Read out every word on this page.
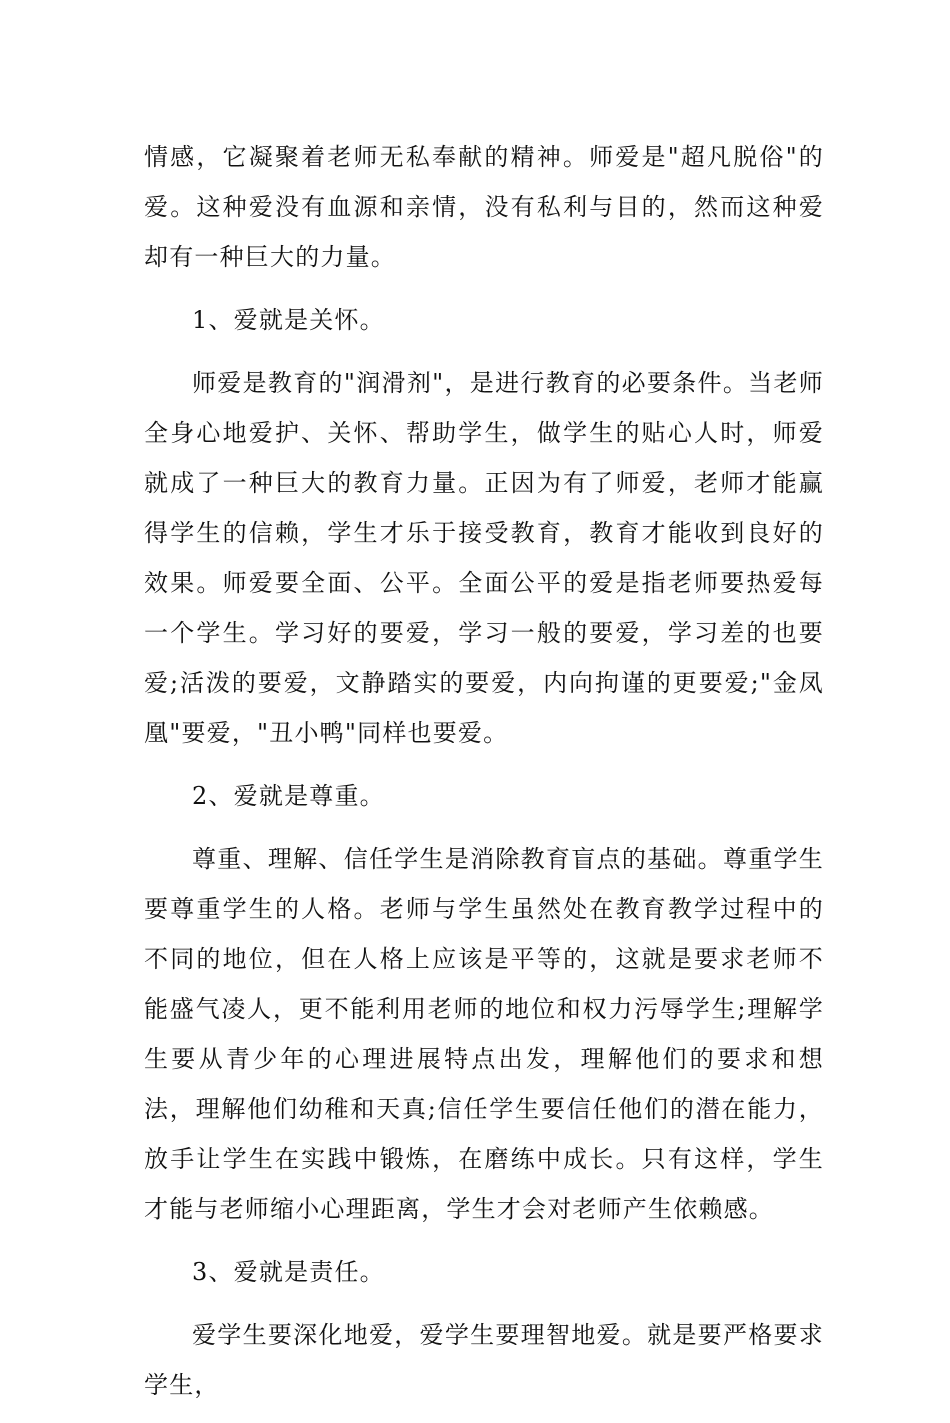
情感，它凝聚着老师无私奉献的精神。师爱是"超凡脱俗"的爱。这种爱没有血源和亲情，没有私利与目的，然而这种爱却有一种巨大的力量。

1、爱就是关怀。

师爱是教育的"润滑剂"，是进行教育的必要条件。当老师全身心地爱护、关怀、帮助学生，做学生的贴心人时，师爱就成了一种巨大的教育力量。正因为有了师爱，老师才能赢得学生的信赖，学生才乐于接受教育，教育才能收到良好的效果。师爱要全面、公平。全面公平的爱是指老师要热爱每一个学生。学习好的要爱，学习一般的要爱，学习差的也要爱;活泼的要爱，文静踏实的要爱，内向拘谨的更要爱;"金凤凰"要爱，"丑小鸭"同样也要爱。

2、爱就是尊重。

尊重、理解、信任学生是消除教育盲点的基础。尊重学生要尊重学生的人格。老师与学生虽然处在教育教学过程中的不同的地位，但在人格上应该是平等的，这就是要求老师不能盛气凌人，更不能利用老师的地位和权力污辱学生;理解学生要从青少年的心理进展特点出发，理解他们的要求和想法，理解他们幼稚和天真;信任学生要信任他们的潜在能力，放手让学生在实践中锻炼，在磨练中成长。只有这样，学生才能与老师缩小心理距离，学生才会对老师产生依赖感。

3、爱就是责任。

爱学生要深化地爱，爱学生要理智地爱。就是要严格要求学生，
